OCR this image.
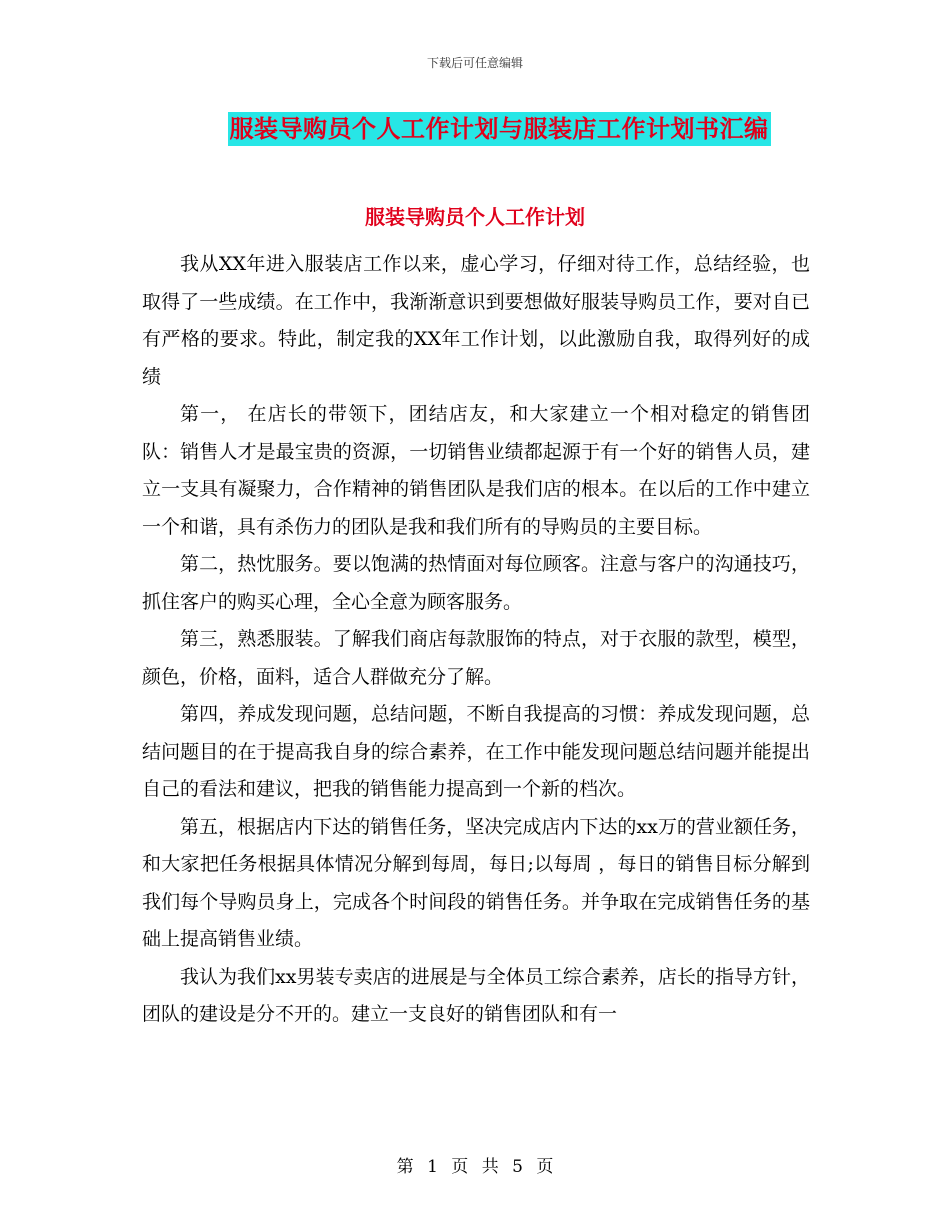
下载后可任意编辑
服装导购员个人工作计划与服装店工作计划书汇编
服装导购员个人工作计划

我从XX年进入服装店工作以来，虚心学习，仔细对待工作，总结经验，也取得了一些成绩。在工作中，我渐渐意识到要想做好服装导购员工作，要对自已有严格的要求。特此，制定我的XX年工作计划，以此激励自我，取得列好的成绩

第一， 在店长的带领下，团结店友，和大家建立一个相对稳定的销售团队：销售人才是最宝贵的资源，一切销售业绩都起源于有一个好的销售人员，建立一支具有凝聚力，合作精神的销售团队是我们店的根本。在以后的工作中建立一个和谐，具有杀伤力的团队是我和我们所有的导购员的主要目标。

第二，热忱服务。要以饱满的热情面对每位顾客。注意与客户的沟通技巧，抓住客户的购买心理，全心全意为顾客服务。

第三，熟悉服装。了解我们商店每款服饰的特点，对于衣服的款型，模型，颜色，价格，面料，适合人群做充分了解。

第四，养成发现问题，总结问题，不断自我提高的习惯：养成发现问题，总结问题目的在于提高我自身的综合素养，在工作中能发现问题总结问题并能提出自己的看法和建议，把我的销售能力提高到一个新的档次。

第五，根据店内下达的销售任务，坚决完成店内下达的xx万的营业额任务，和大家把任务根据具体情况分解到每周，每日;以每周 ，每日的销售目标分解到我们每个导购员身上，完成各个时间段的销售任务。并争取在完成销售任务的基础上提高销售业绩。

我认为我们xx男装专卖店的进展是与全体员工综合素养，店长的指导方针，团队的建设是分不开的。建立一支良好的销售团队和有一

第 1 页 共 5 页
